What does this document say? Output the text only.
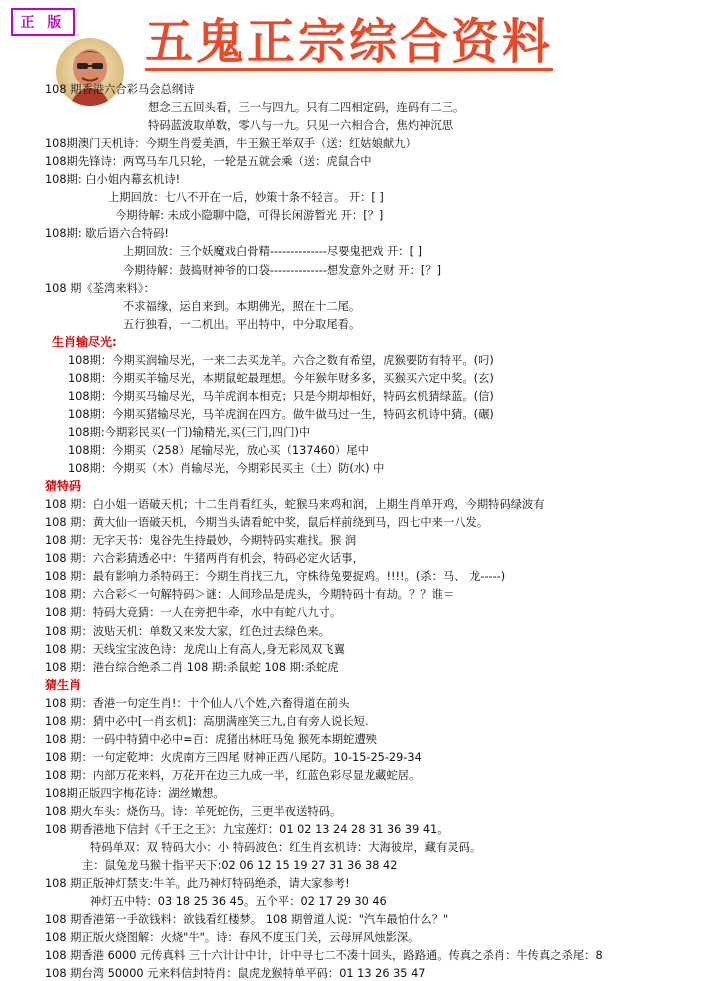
正 版 五鬼正宗综合资料
108 期香港六合彩马会总纲诗
想念三五回头看，三一与四九。只有二四相定码，连码有二三。
特码蓝波取单数，零八与一九。只见一六相合合，焦灼神沉思
108期澳门天机诗：今期生肖爱美酒，牛王猴王举双手（送：红姑娘献九）
108期先锋诗：两骂马车几只轮，一轮是五就会乘（送：虎鼠合中
108期: 白小姐内幕玄机诗!
上期回放：七八不开在一后，妙策十条不轻言。 开：[ ]
今期待解: 未成小隐聊中隐，可得长闲游暂光 开：[？]
108期: 歇后语六合特码!
上期回放：三个妖魔戏白骨精--------------尽要鬼把戏 开：[ ]
今期待解：鼓捣财神爷的口袋--------------想发意外之财 开：[？]
108 期《荃湾来料》：
不求福缘，运自来到。本期佛光，照在十二尾。
五行独看，一二机出。平出特中，中分取尾看。
生肖输尽光:
108期：今期买润输尽光，一来二去买龙羊。六合之数有希望，虎猴要防有特平。(叼)
108期：今期买羊输尽光，本期鼠蛇最理想。今年猴年财多多，买猴买六定中奖。(玄)
108期：今期买马输尽光，马羊虎润本相克；只是今期却相好，特码玄机猜绿蓝。(信)
108期：今期买猪输尽光，马羊虎润在四方。做牛做马过一生，特码玄机诗中猜。(碾)
108期:今期彩民买(一门)输精光,买(三门,四门)中
108期：今期买（258）尾输尽光，放心买（137460）尾中
108期：今期买（木）肖输尽光，今期彩民买主（土）防(水) 中
猜特码
108 期：白小姐一语破天机；十二生肖看红头，蛇猴马来鸡和润，上期生肖单开鸡，今期特码绿波有
108 期：黄大仙一语破天机，今期当头请看蛇中奖，鼠后样前绕到马，四七中来一八发。
108 期：无字天书：鬼谷先生持最妙，今期特码实难找。猴 润
108 期：六合彩猜透必中：牛猪两肖有机会，特码必定火话事，
108 期：最有影响力杀特码王：今期生肖找三九，守株待兔要捉鸡。!!!!。(杀：马、 龙-----)
108 期：六合彩＜一句解特码＞谜：人间珍品是虎头，今期特码十有劫。？？谁＝
108 期：特码大竞猜：一人在旁把牛牵，水中有蛇八九寸。
108 期：波贴天机：单数又来发大家，红色过去绿色来。
108 期：天线宝宝波色诗：龙虎山上有高人,身无彩凤双飞翼
108 期：港台综合绝杀二肖 108 期:杀鼠蛇 108 期:杀蛇虎
猜生肖
108 期：香港一句定生肖!：十个仙人八个姓,六畜得道在前头
108 期：猜中必中[一肖玄机]：高朋满座笑三九,自有旁人说长短.
108 期：一码中特猜中必中=百：虎猪出林旺马兔 猴死本期蛇遭殃
108 期：一句定乾坤：火虎南方三四尾 财神正西八尾防。10-15-25-29-34
108 期：内部万花来料，万花开在边三九成一半，红蓝色彩尽显龙藏蛇居。
108期正版四字梅花诗：湖丝嫩想。
108 期火车头：烧伤马。诗：羊死蛇伤，三更半夜送特码。
108 期香港地下信封《千王之王》：九宝莲灯：01 02 13 24 28 31 36 39 41。
特码单双：双 特码大小：小 特码波色：红生肖玄机诗：大海彼岸，藏有灵码。
主：鼠兔龙马猴十指平天下:02 06 12 15 19 27 31 36 38 42
108 期正版神灯禁支:牛羊。此乃神灯特码绝杀，请大家参考!
神灯五中特：03 18 25 36 45。五个平：02 17 29 30 46
108 期香港第一手欲钱料：欲钱看红楼梦。 108 期曾道人说："汽车最怕什么？"
108 期正版火烧图解：火烧"牛"。诗：春风不度玉门关，云母屏风烛影深。
108 期香港 6000 元传真料 三十六计计中计，计中寻七二不凑十回头，路路通。传真之杀肖：牛传真之杀尾：8
108 期台湾 50000 元来料信封特肖：鼠虎龙猴特单平码：01 13 26 35 47
